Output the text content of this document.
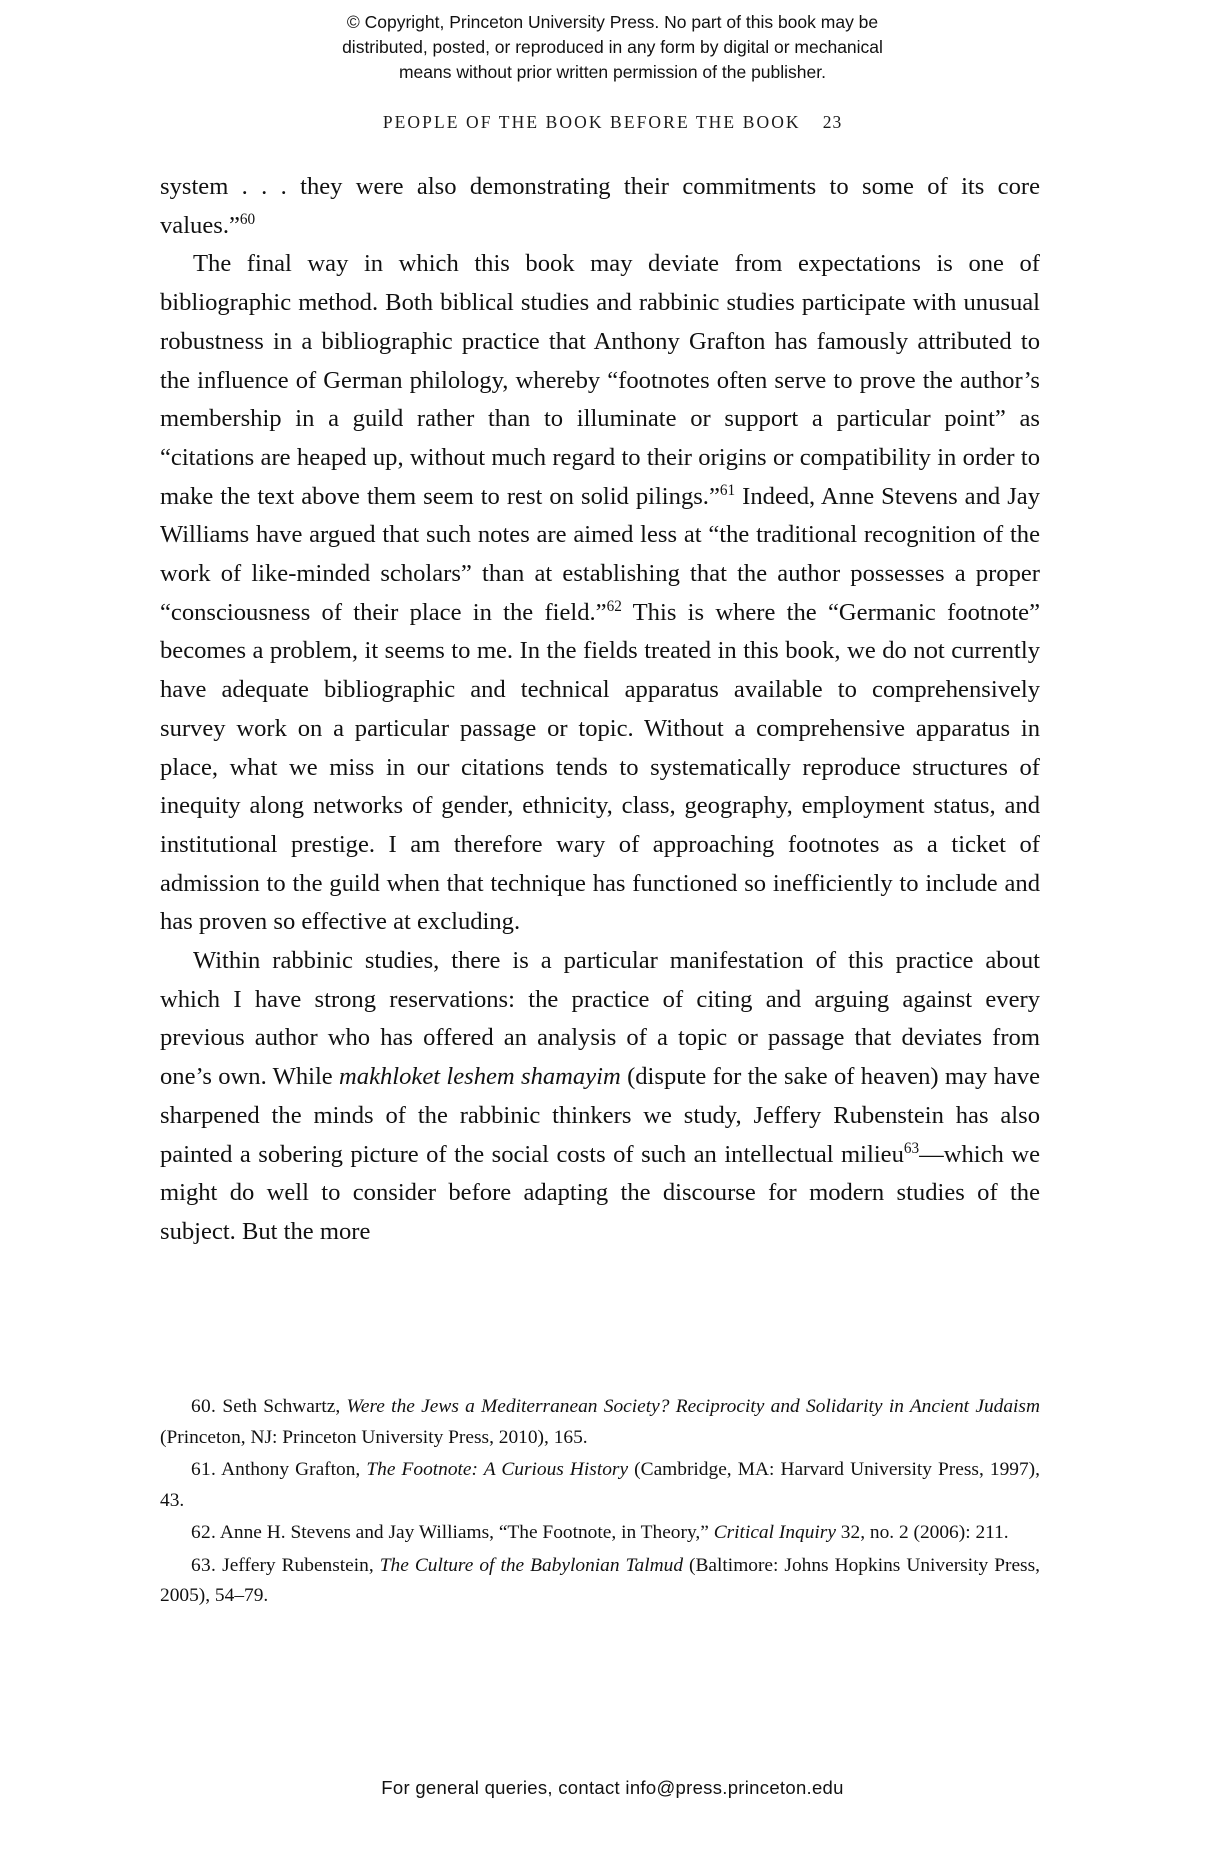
© Copyright, Princeton University Press. No part of this book may be

distributed, posted, or reproduced in any form by digital or mechanical

means without prior written permission of the publisher.

PEOPLE OF THE BOOK BEFORE THE BOOK 23

system . . . they were also demonstrating their commitments to some of its core values.”$^{60}$

The final way in which this book may deviate from expectations is one of bibliographic method. Both biblical studies and rabbinic studies participate with unusual robustness in a bibliographic practice that Anthony Grafton has famously attributed to the influence of German philology, whereby “footnotes often serve to prove the author’s membership in a guild rather than to illuminate or support a particular point” as “citations are heaped up, without much regard to their origins or compatibility in order to make the text above them seem to rest on solid pilings.”$^{61}$ Indeed, Anne Stevens and Jay Williams have argued that such notes are aimed less at “the traditional recognition of the work of like-minded scholars” than at establishing that the author possesses a proper “consciousness of their place in the field.”$^{62}$ This is where the “Germanic footnote” becomes a problem, it seems to me. In the fields treated in this book, we do not currently have adequate bibliographic and technical apparatus available to comprehensively survey work on a particular passage or topic. Without a comprehensive apparatus in place, what we miss in our citations tends to systematically reproduce structures of inequity along networks of gender, ethnicity, class, geography, employment status, and institutional prestige. I am therefore wary of approaching footnotes as a ticket of admission to the guild when that technique has functioned so inefficiently to include and has proven so effective at excluding.

Within rabbinic studies, there is a particular manifestation of this practice about which I have strong reservations: the practice of citing and arguing against every previous author who has offered an analysis of a topic or passage that deviates from one’s own. While makhloket leshem shamayim (dispute for the sake of heaven) may have sharpened the minds of the rabbinic thinkers we study, Jeffery Rubenstein has also painted a sobering picture of the social costs of such an intellectual milieu$^{63}$—which we might do well to consider before adapting the discourse for modern studies of the subject. But the more

60. Seth Schwartz, Were the Jews a Mediterranean Society? Reciprocity and Solidarity in Ancient Judaism (Princeton, NJ: Princeton University Press, 2010), 165.

61. Anthony Grafton, The Footnote: A Curious History (Cambridge, MA: Harvard University Press, 1997), 43.

62. Anne H. Stevens and Jay Williams, “The Footnote, in Theory,” Critical Inquiry 32, no. 2 (2006): 211.

63. Jeffery Rubenstein, The Culture of the Babylonian Talmud (Baltimore: Johns Hopkins University Press, 2005), 54–79.

For general queries, contact info@press.princeton.edu
